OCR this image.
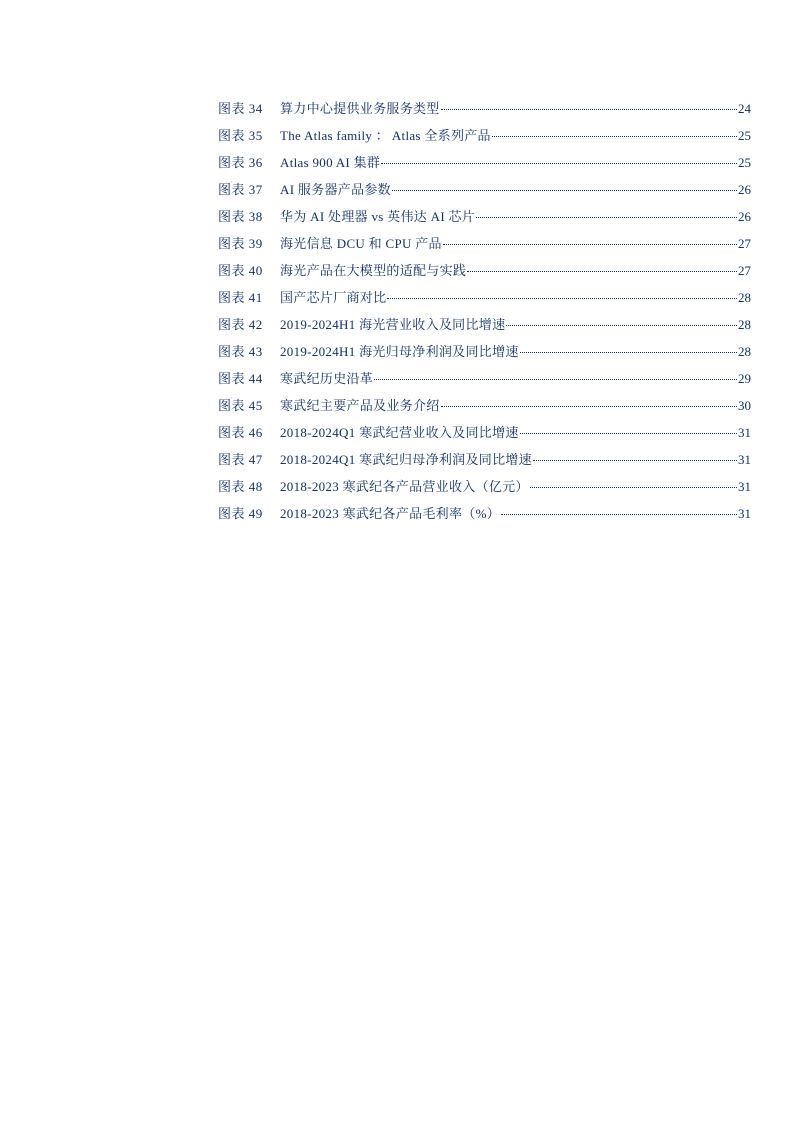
图表 34	算力中心提供业务服务类型	24
图表 35	The Atlas family ： Atlas 全系列产品	25
图表 36	Atlas 900 AI 集群	25
图表 37	AI 服务器产品参数	26
图表 38	华为 AI 处理器 vs 英伟达 AI 芯片	26
图表 39	海光信息 DCU 和 CPU 产品	27
图表 40	海光产品在大模型的适配与实践	27
图表 41	国产芯片厂商对比	28
图表 42	2019-2024H1 海光营业收入及同比增速	28
图表 43	2019-2024H1 海光归母净利润及同比增速	28
图表 44	寒武纪历史沿革	29
图表 45	寒武纪主要产品及业务介绍	30
图表 46	2018-2024Q1 寒武纪营业收入及同比增速	31
图表 47	2018-2024Q1 寒武纪归母净利润及同比增速	31
图表 48	2018-2023 寒武纪各产品营业收入（亿元）	31
图表 49	2018-2023 寒武纪各产品毛利率（%）	31
